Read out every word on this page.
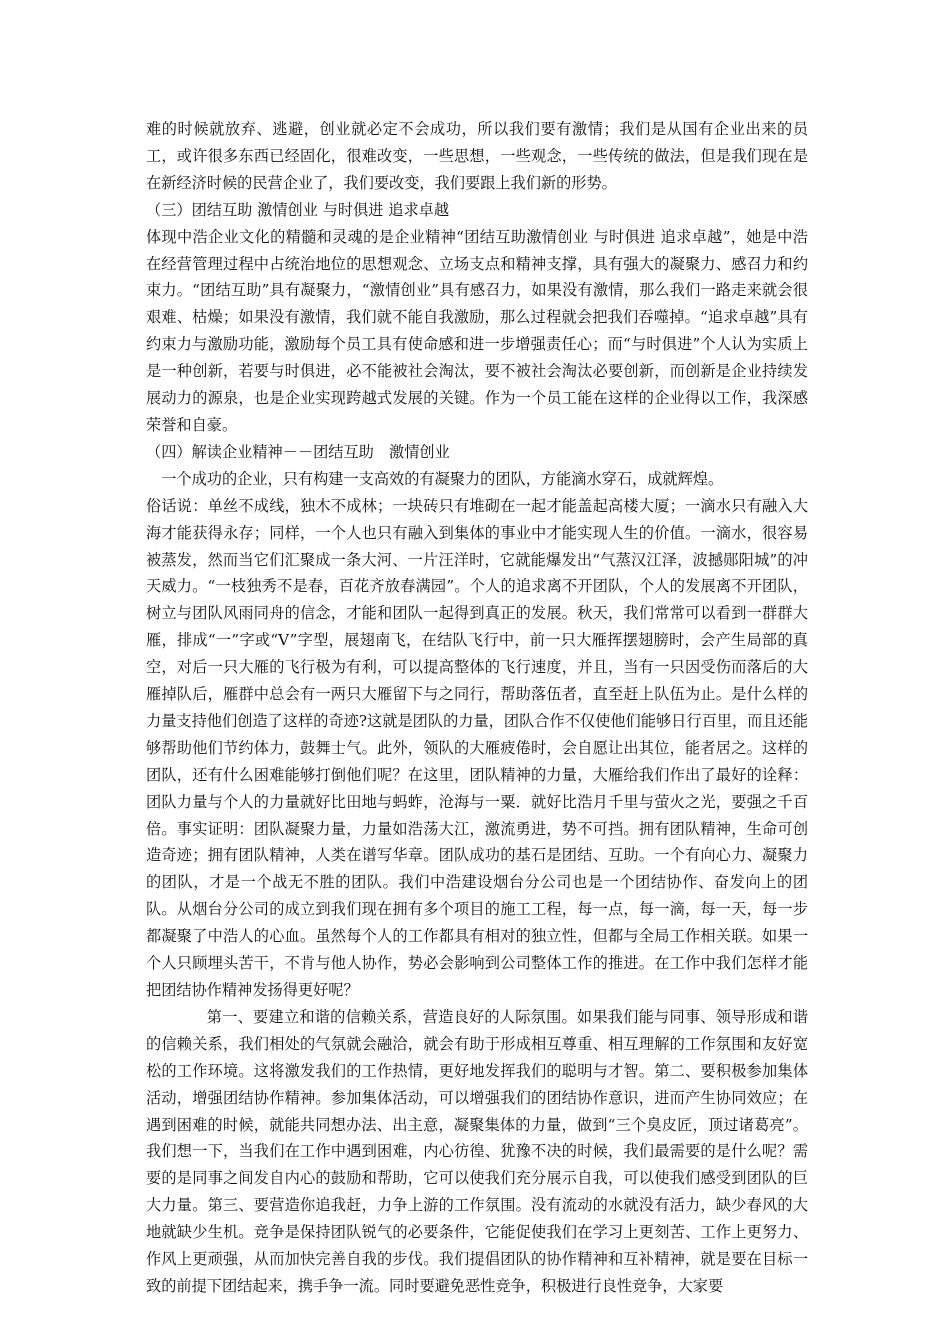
难的时候就放弃、逃避，创业就必定不会成功，所以我们要有激情；我们是从国有企业出来的员工，或许很多东西已经固化，很难改变，一些思想，一些观念，一些传统的做法，但是我们现在是在新经济时候的民营企业了，我们要改变，我们要跟上我们新的形势。

（三）团结互助 激情创业 与时俱进 追求卓越

体现中浩企业文化的精髓和灵魂的是企业精神“团结互助激情创业 与时俱进 追求卓越”，她是中浩在经营管理过程中占统治地位的思想观念、立场支点和精神支撑，具有强大的凝聚力、感召力和约束力。“团结互助”具有凝聚力，“激情创业”具有感召力，如果没有激情，那么我们一路走来就会很艰难、枯燥；如果没有激情，我们就不能自我激励，那么过程就会把我们吞噬掉。“追求卓越”具有约束力与激励功能，激励每个员工具有使命感和进一步增强责任心；而“与时俱进”个人认为实质上是一种创新，若要与时俱进，必不能被社会淘汰，要不被社会淘汰必要创新，而创新是企业持续发展动力的源泉，也是企业实现跨越式发展的关键。作为一个员工能在这样的企业得以工作，我深感荣誉和自豪。

（四）解读企业精神－－团结互助　激情创业

一个成功的企业，只有构建一支高效的有凝聚力的团队，方能滴水穿石，成就辉煌。

俗话说：单丝不成线，独木不成林；一块砖只有堆砌在一起才能盖起高楼大厦；一滴水只有融入大海才能获得永存；同样，一个人也只有融入到集体的事业中才能实现人生的价值。一滴水，很容易被蒸发，然而当它们汇聚成一条大河、一片汪洋时，它就能爆发出“气蒸汉江泽，波撼郧阳城”的冲天威力。“一枝独秀不是春，百花齐放春满园”。个人的追求离不开团队，个人的发展离不开团队，树立与团队风雨同舟的信念，才能和团队一起得到真正的发展。秋天，我们常常可以看到一群群大雁，排成“一”字或“V”字型，展翅南飞，在结队飞行中，前一只大雁挥摆翅膀时，会产生局部的真空，对后一只大雁的飞行极为有利，可以提高整体的飞行速度，并且，当有一只因受伤而落后的大雁掉队后，雁群中总会有一两只大雁留下与之同行，帮助落伍者，直至赶上队伍为止。是什么样的力量支持他们创造了这样的奇迹?这就是团队的力量，团队合作不仅使他们能够日行百里，而且还能够帮助他们节约体力，鼓舞士气。此外，领队的大雁疲倦时，会自愿让出其位，能者居之。这样的团队，还有什么困难能够打倒他们呢？在这里，团队精神的力量，大雁给我们作出了最好的诠释：团队力量与个人的力量就好比田地与蚂蚱，沧海与一粟．就好比浩月千里与萤火之光，要强之千百倍。事实证明：团队凝聚力量，力量如浩荡大江，激流勇进，势不可挡。拥有团队精神，生命可创造奇迹；拥有团队精神，人类在谱写华章。团队成功的基石是团结、互助。一个有向心力、凝聚力的团队，才是一个战无不胜的团队。我们中浩建设烟台分公司也是一个团结协作、奋发向上的团队。从烟台分公司的成立到我们现在拥有多个项目的施工工程，每一点，每一滴，每一天，每一步都凝聚了中浩人的心血。虽然每个人的工作都具有相对的独立性，但都与全局工作相关联。如果一个人只顾埋头苦干，不肯与他人协作，势必会影响到公司整体工作的推进。在工作中我们怎样才能把团结协作精神发扬得更好呢？

第一、要建立和谐的信赖关系，营造良好的人际氛围。如果我们能与同事、领导形成和谐的信赖关系，我们相处的气氛就会融洽，就会有助于形成相互尊重、相互理解的工作氛围和友好宽松的工作环境。这将激发我们的工作热情，更好地发挥我们的聪明与才智。第二、要积极参加集体活动，增强团结协作精神。参加集体活动，可以增强我们的团结协作意识，进而产生协同效应；在遇到困难的时候，就能共同想办法、出主意，凝聚集体的力量，做到“三个臭皮匠，顶过诸葛亮”。我们想一下，当我们在工作中遇到困难，内心彷徨、犹豫不决的时候，我们最需要的是什么呢？需要的是同事之间发自内心的鼓励和帮助，它可以使我们充分展示自我，可以使我们感受到团队的巨大力量。第三、要营造你追我赶，力争上游的工作氛围。没有流动的水就没有活力，缺少春风的大地就缺少生机。竞争是保持团队锐气的必要条件，它能促使我们在学习上更刻苦、工作上更努力、作风上更顽强，从而加快完善自我的步伐。我们提倡团队的协作精神和互补精神，就是要在目标一致的前提下团结起来，携手争一流。同时要避免恶性竞争，积极进行良性竞争，大家要
